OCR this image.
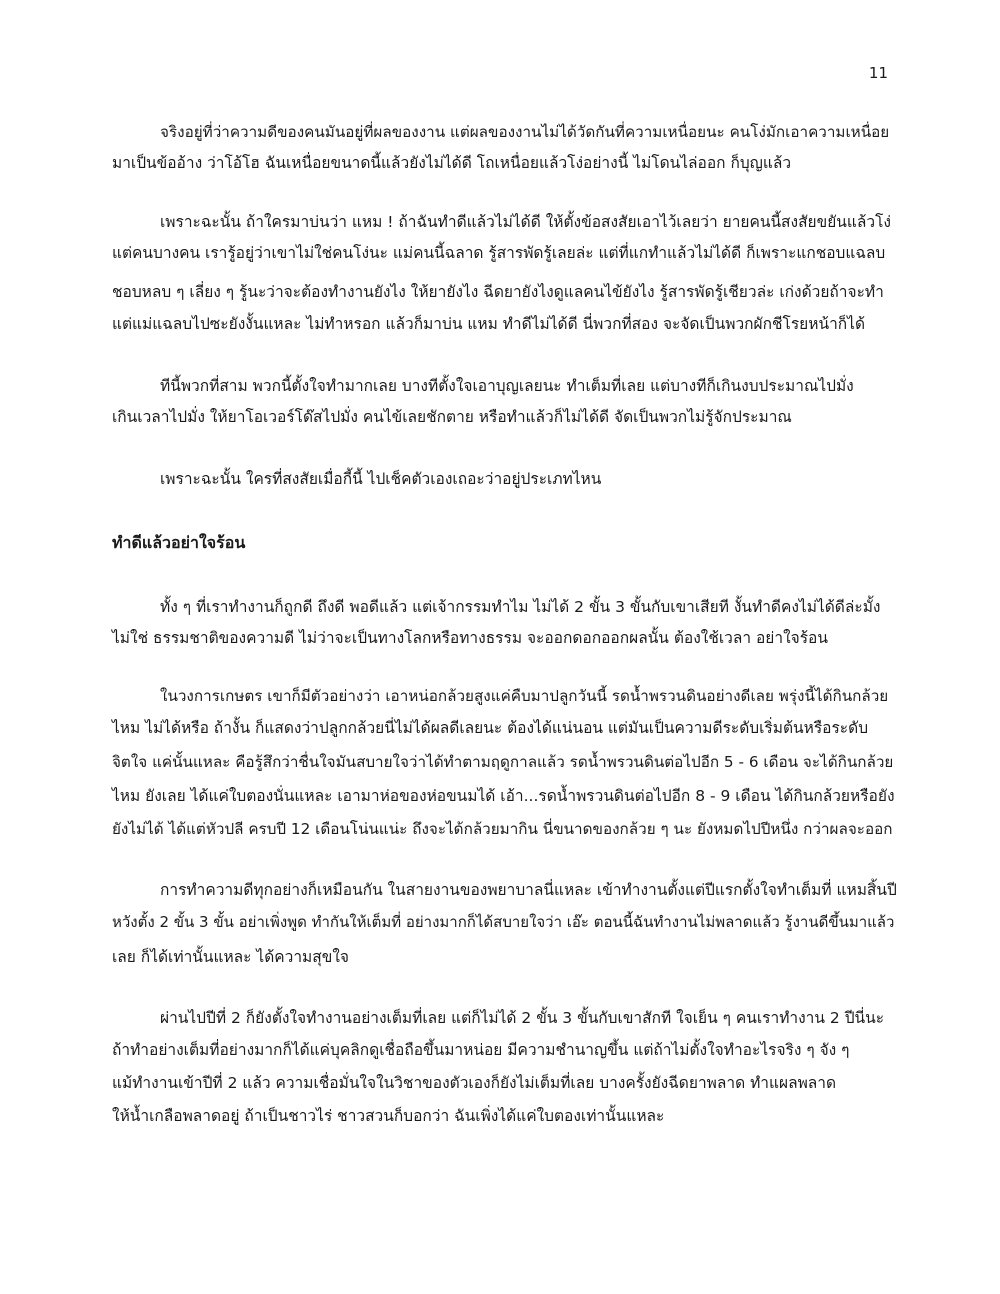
11
จริงอยู่ที่ว่าความดีของคนมันอยู่ที่ผลของงาน แต่ผลของงานไม่ได้วัดกันที่ความเหนื่อยนะ คนโง่มักเอาความเหนื่อย
มาเป็นข้ออ้าง ว่าโอ้โฮ ฉันเหนื่อยขนาดนี้แล้วยังไม่ได้ดี โถเหนื่อยแล้วโง่อย่างนี้ ไม่โดนไล่ออก ก็บุญแล้ว
เพราะฉะนั้น ถ้าใครมาบ่นว่า แหม ! ถ้าฉันทำดีแล้วไม่ได้ดี ให้ตั้งข้อสงสัยเอาไว้เลยว่า ยายคนนี้สงสัยขยันแล้วโง่
แต่คนบางคน เรารู้อยู่ว่าเขาไม่ใช่คนโง่นะ แม่คนนี้ฉลาด รู้สารพัดรู้เลยล่ะ แต่ที่แกทำแล้วไม่ได้ดี ก็เพราะแกชอบแฉลบ
ชอบหลบ ๆ เลี่ยง ๆ รู้นะว่าจะต้องทำงานยังไง ให้ยายังไง ฉีดยายังไงดูแลคนไข้ยังไง รู้สารพัดรู้เชียวล่ะ เก่งด้วยถ้าจะทำ
แต่แม่แฉลบไปซะยังงั้นแหละ ไม่ทำหรอก แล้วก็มาบ่น แหม ทำดีไม่ได้ดี นี่พวกที่สอง จะจัดเป็นพวกผักชีโรยหน้าก็ได้
ทีนี้พวกที่สาม พวกนี้ตั้งใจทำมากเลย บางทีตั้งใจเอาบุญเลยนะ ทำเต็มที่เลย แต่บางทีก็เกินงบประมาณไปมั่ง
เกินเวลาไปมั่ง ให้ยาโอเวอร์โด๊สไปมั่ง คนไข้เลยชักตาย หรือทำแล้วก็ไม่ได้ดี จัดเป็นพวกไม่รู้จักประมาณ
เพราะฉะนั้น ใครที่สงสัยเมื่อกี้นี้ ไปเช็คตัวเองเถอะว่าอยู่ประเภทไหน
ทำดีแล้วอย่าใจร้อน
ทั้ง ๆ ที่เราทำงานก็ถูกดี ถึงดี พอดีแล้ว แต่เจ้ากรรมทำไม ไม่ได้ 2 ขั้น 3 ขั้นกับเขาเสียที งั้นทำดีคงไม่ได้ดีล่ะมั้ง
ไม่ใช่ ธรรมชาติของความดี ไม่ว่าจะเป็นทางโลกหรือทางธรรม จะออกดอกออกผลนั้น ต้องใช้เวลา อย่าใจร้อน
ในวงการเกษตร เขาก็มีตัวอย่างว่า เอาหน่อกล้วยสูงแค่คืบมาปลูกวันนี้ รดน้ำพรวนดินอย่างดีเลย พรุ่งนี้ได้กินกล้วย
ไหม ไม่ได้หรือ ถ้างั้น ก็แสดงว่าปลูกกล้วยนี่ไม่ได้ผลดีเลยนะ ต้องได้แน่นอน แต่มันเป็นความดีระดับเริ่มต้นหรือระดับ
จิตใจ แค่นั้นแหละ คือรู้สึกว่าชื่นใจมันสบายใจว่าได้ทำตามฤดูกาลแล้ว รดน้ำพรวนดินต่อไปอีก 5 - 6 เดือน จะได้กินกล้วย
ไหม ยังเลย ได้แค่ใบตองนั่นแหละ เอามาห่อของห่อขนมได้ เอ้า...รดน้ำพรวนดินต่อไปอีก 8 - 9 เดือน ได้กินกล้วยหรือยัง
ยังไม่ได้ ได้แต่หัวปลี ครบปี 12 เดือนโน่นแน่ะ ถึงจะได้กล้วยมากิน นี่ขนาดของกล้วย ๆ นะ ยังหมดไปปีหนึ่ง กว่าผลจะออก
การทำความดีทุกอย่างก็เหมือนกัน ในสายงานของพยาบาลนี่แหละ เข้าทำงานตั้งแต่ปีแรกตั้งใจทำเต็มที่ แหมสิ้นปี
หวังตั้ง 2 ขั้น 3 ขั้น อย่าเพิ่งพูด ทำกันให้เต็มที่ อย่างมากก็ได้สบายใจว่า เอ๊ะ ตอนนี้ฉันทำงานไม่พลาดแล้ว รู้งานดีขึ้นมาแล้ว
เลย ก็ได้เท่านั้นแหละ ได้ความสุขใจ
ผ่านไปปีที่ 2 ก็ยังตั้งใจทำงานอย่างเต็มที่เลย แต่ก็ไม่ได้ 2 ขั้น 3 ขั้นกับเขาสักที ใจเย็น ๆ คนเราทำงาน 2 ปีนี่นะ
ถ้าทำอย่างเต็มที่อย่างมากก็ได้แค่บุคลิกดูเชื่อถือขึ้นมาหน่อย มีความชำนาญขึ้น แต่ถ้าไม่ตั้งใจทำอะไรจริง ๆ จัง ๆ
แม้ทำงานเข้าปีที่ 2 แล้ว ความเชื่อมั่นใจในวิชาของตัวเองก็ยังไม่เต็มที่เลย บางครั้งยังฉีดยาพลาด ทำแผลพลาด
ให้น้ำเกลือพลาดอยู่ ถ้าเป็นชาวไร่ ชาวสวนก็บอกว่า ฉันเพิ่งได้แค่ใบตองเท่านั้นแหละ
